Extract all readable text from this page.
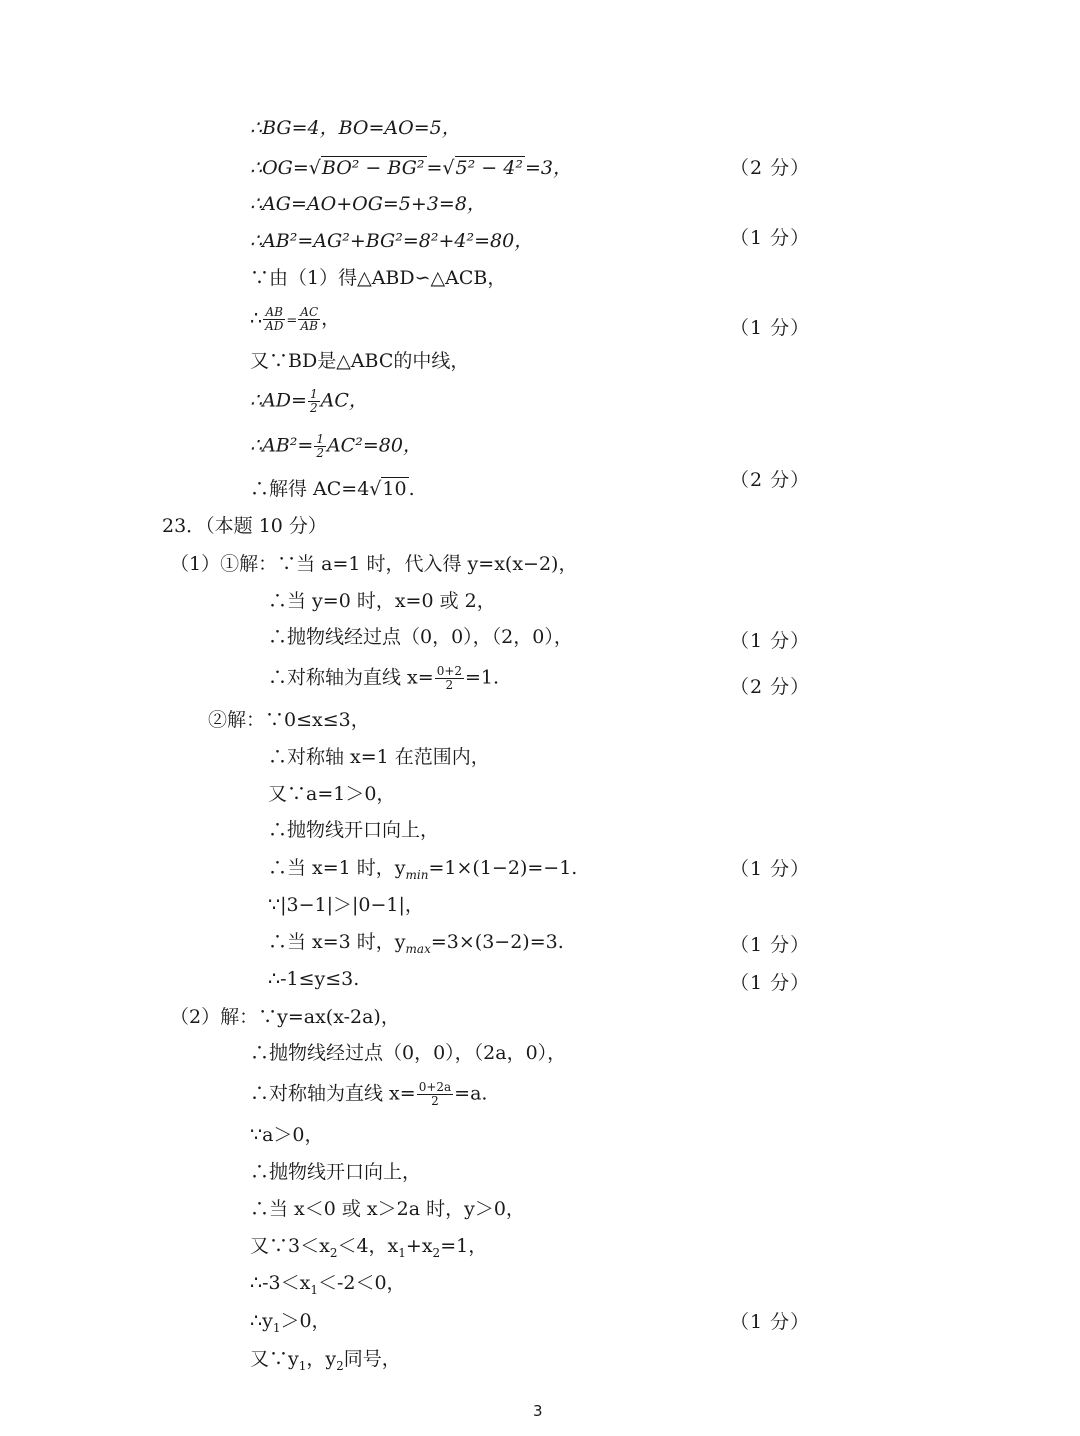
∴BG=4，BO=AO=5，
∴OG=√BO² − BG² =√5² − 4² =3，	（2 分）
∴AG=AO+OG=5+3=8，
∴AB²=AG²+BG²=8²+4²=80，	（1 分）
∵由（1）得△ABD∽△ACB，
∴ $\frac{AB}{AD} = \frac{AC}{AB}$ ，	（1 分）
又∵BD是△ABC的中线，
∴AD= $\frac{1}{2}$ AC，
∴AB²= $\frac{1}{2} AC^2=80$，
∴解得 AC=4√10 .	（2 分）
23．（本题 10 分）
（1）①解：∵当 a=1 时，代入得 y=x(x−2)，
∴当 y=0 时，x=0 或 2，
∴抛物线经过点（0，0），（2，0），	（1 分）
∴对称轴为直线 $x= \frac{0+2}{2} =1$.	（2 分）
②解：∵0≤x≤3，
∴对称轴 x=1 在范围内，
又∵a=1＞0，
∴抛物线开口向上，
∴当 x=1 时，$y_{min}=1\times(1-2)=-1$.	（1 分）
∵|3−1|＞|0−1|，
∴当 x=3 时，$y_{max}=3\times(3-2)=3$.	（1 分）
∴-1≤y≤3.	（1 分）
（2）解：∵y=ax(x-2a)，
∴抛物线经过点（0，0），（2a，0），
∴对称轴为直线 $x= \frac{0+2a}{2} =a$.
∵a＞0，
∴抛物线开口向上，
∴当 x＜0 或 x＞2a 时，y＞0，
又$\because 3<x_2<4$，$x_1+x_2=1$，
$\therefore-3<x_1<-2<0$，
$\therefore y_1>0$，	（1 分）
又$\because y_1$，$y_2$同号，
3
